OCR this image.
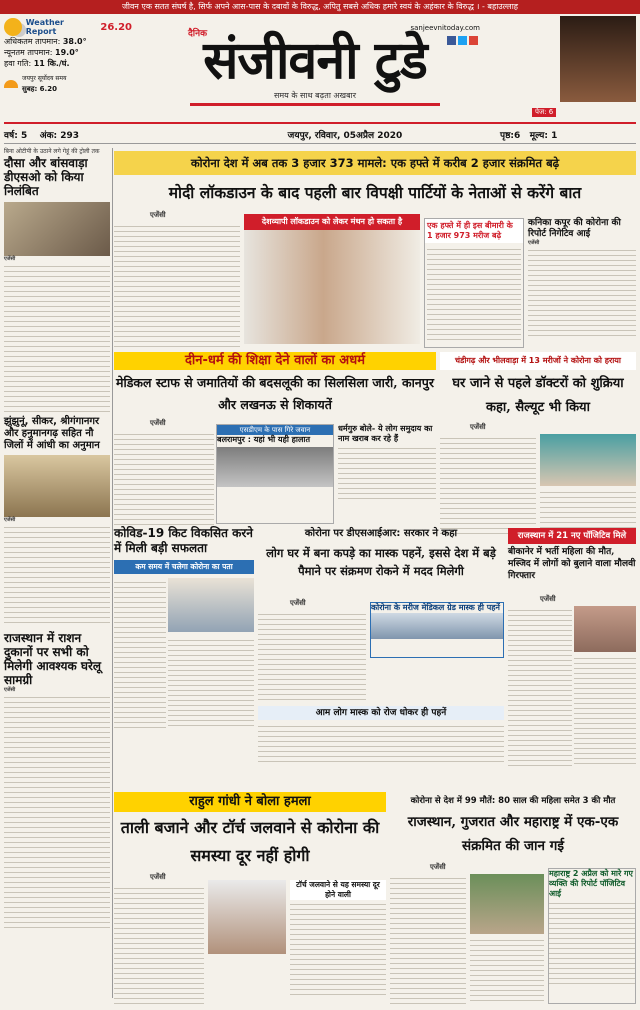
जीवन एक सतत संघर्ष है, सिर्फ अपने आस-पास के दबावों के विरुद्ध, अपितु सबसे अधिक हमारे स्वयं के अहंकार के विरुद्ध । - बहाउल्लाह
Weather Report	26.20
अधिकतम तापमान: 38.0°
न्यूनतम तापमान: 19.0°
हवा गति: 11 कि./घं.
जयपुर सूर्योदय समय
सुबह: 6.20
दैनिक
sanjeevnitoday.com
संजीवनी टुडे
समय के साथ बढ़ता अखबार
वर्ष: 5 अंक: 293	जयपुर, रविवार, 05अप्रैल 2020
पेज: 6
पृष्ठ:6 मूल्य: 1
बिना ओटीपी के उठाने लगे गेहूं की ट्रोली तक
दौसा और बांसवाड़ा डीएसओ को किया निलंबित
एजेंसी
झुंझुनूं, सीकर, श्रीगंगानगर और हनुमानगढ़ सहित नौ जिलों में आंधी का अनुमान
एजेंसी
राजस्थान में राशन दुकानों पर सभी को मिलेगी आवश्यक घरेलू सामग्री
एजेंसी
कोरोना देश में अब तक 3 हजार 373 मामले: एक हफ्ते में करीब 2 हजार संक्रमित बढ़े
मोदी लॉकडाउन के बाद पहली बार विपक्षी पार्टियों के नेताओं से करेंगे बात
एजेंसी
देशव्यापी लॉकडाउन को लेकर मंथन हो सकता है	एक हफ्ते में ही इस बीमारी के 1 हजार 973 मरीज बढ़े
कनिका कपूर की कोरोना की रिपोर्ट निगेटिव आई
एजेंसी
दीन-धर्म की शिक्षा देने वालों का अधर्म
मेडिकल स्टाफ से जमातियों की बदसलूकी का सिलसिला जारी, कानपुर और लखनऊ से शिकायतें
एजेंसी
एसडीएम के पास गिरे जवान
बलरामपुर : यहां भी यही हालात
धर्मगुरु बोले- ये लोग समुदाय का नाम खराब कर रहे हैं
चंडीगढ़ और भीलवाड़ा में 13 मरीजों ने कोरोना को हराया
घर जाने से पहले डॉक्टरों को शुक्रिया कहा, सैल्यूट भी किया
एजेंसी
कोविड-19 किट विकसित करने में मिली बड़ी सफलता
कम समय में चलेगा कोरोना का पता
कोरोना पर डीएसआईआर: सरकार ने कहा
लोग घर में बना कपड़े का मास्क पहनें, इससे देश में बड़े पैमाने पर संक्रमण रोकने में मदद मिलेगी
एजेंसी	कोरोना के मरीज मेडिकल ग्रेड मास्क ही पहनें
आम लोग मास्क को रोज धोकर ही पहनें
राजस्थान में 21 नए पॉजिटिव मिले
बीकानेर में भर्ती महिला की मौत, मस्जिद में लोगों को बुलाने वाला मौलवी गिरफ्तार
एजेंसी
राहुल गांधी ने बोला हमला
ताली बजाने और टॉर्च जलवाने से कोरोना की समस्या दूर नहीं होगी
एजेंसी
टॉर्च जलवाने से यह समस्या दूर होने वाली
कोरोना से देश में 99 मौतें: 80 साल की महिला समेत 3 की मौत
राजस्थान, गुजरात और महाराष्ट्र में एक-एक संक्रमित की जान गई
एजेंसी
महाराष्ट्र 2 अप्रैल को मारे गए व्यक्ति की रिपोर्ट पॉजिटिव आई
